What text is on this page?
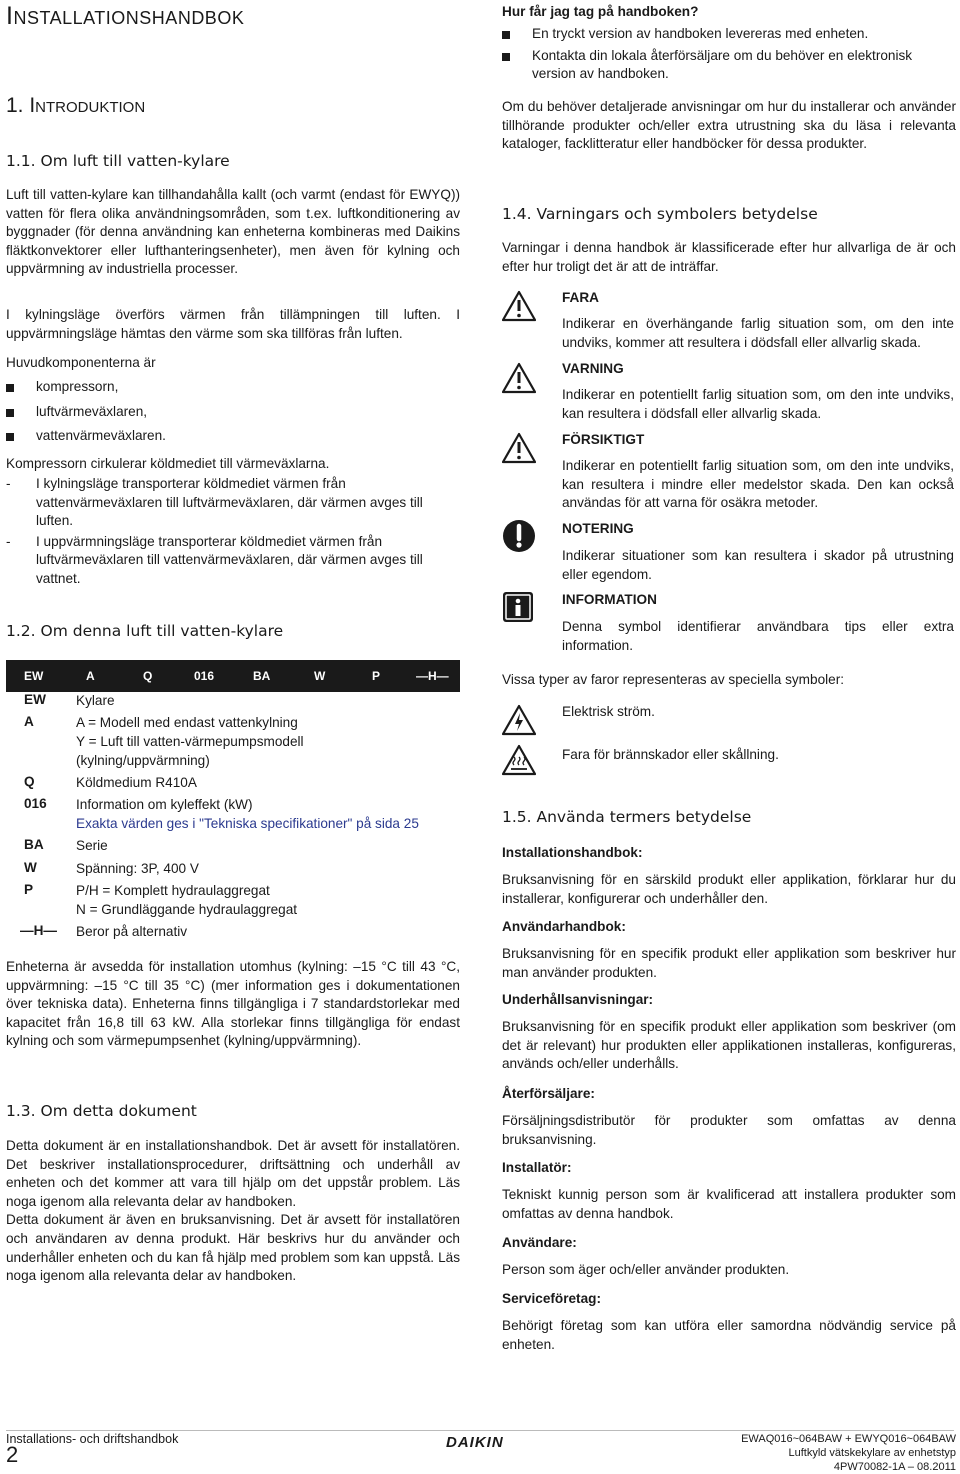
Installationshandbok
1. Introduktion
1.1. Om luft till vatten-kylare

Luft till vatten-kylare kan tillhandahålla kallt (och varmt (endast för EWYQ)) vatten för flera olika användningsområden, som t.ex. luftkonditionering av byggnader (för denna användning kan enheterna kombineras med Daikins fläktkonvektorer eller lufthanteringsenheter), men även för kylning och uppvärmning av industriella processer.

I kylningsläge överförs värmen från tillämpningen till luften. I uppvärmningsläge hämtas den värme som ska tillföras från luften.

Huvudkomponenterna är

kompressorn,
luftvärmeväxlaren,
vattenvärmeväxlaren.

Kompressorn cirkulerar köldmediet till värmeväxlarna.

- I kylningsläge transporterar köldmediet värmen från vattenvärmeväxlaren till luftvärmeväxlaren, där värmen avges till luften.
- I uppvärmningsläge transporterar köldmediet värmen från luftvärmeväxlaren till vattenvärmeväxlaren, där värmen avges till vattnet.
1.2. Om denna luft till vatten-kylare
EW	A	Q	016	BA	W	P	—H—
EW Kylare
A	A = Modell med endast vattenkylning
Y = Luft till vatten-värmepumpsmodell
(kylning/uppvärmning)
Q	Köldmedium R410A
016 Information om kyleffekt (kW)
Exakta värden ges i "Tekniska specifikationer" på sida 25
BA Serie
W	Spänning: 3P, 400 V
P	P/H = Komplett hydraulaggregat
N = Grundläggande hydraulaggregat
—H— Beror på alternativ

Enheterna är avsedda för installation utomhus (kylning: –15 °C till 43 °C, uppvärmning: –15 °C till 35 °C) (mer information ges i dokumentationen över tekniska data). Enheterna finns tillgängliga i 7 standardstorlekar med kapacitet från 16,8 till 63 kW. Alla storlekar finns tillgängliga för endast kylning och som värmepumpsenhet (kylning/uppvärmning).

1.3. Om detta dokument

Detta dokument är en installationshandbok. Det är avsett för installatören. Det beskriver installationsprocedurer, driftsättning och underhåll av enheten och det kommer att vara till hjälp om det uppstår problem. Läs noga igenom alla relevanta delar av handboken.

Detta dokument är även en bruksanvisning. Det är avsett för installatören och användaren av denna produkt. Här beskrivs hur du använder och underhåller enheten och du kan få hjälp med problem som kan uppstå. Läs noga igenom alla relevanta delar av handboken.

Hur får jag tag på handboken?
En tryckt version av handboken levereras med enheten.
Kontakta din lokala återförsäljare om du behöver en elektronisk version av handboken.

Om du behöver detaljerade anvisningar om hur du installerar och använder tillhörande produkter och/eller extra utrustning ska du läsa i relevanta kataloger, facklitteratur eller handböcker för dessa produkter.

1.4. Varningars och symbolers betydelse

Varningar i denna handbok är klassificerade efter hur allvarliga de är och efter hur troligt det är att de inträffar.

FARA

Indikerar en överhängande farlig situation som, om den inte undviks, kommer att resultera i dödsfall eller allvarlig skada.

VARNING

Indikerar en potentiellt farlig situation som, om den inte undviks, kan resultera i dödsfall eller allvarlig skada.

FÖRSIKTIGT

Indikerar en potentiellt farlig situation som, om den inte undviks, kan resultera i mindre eller medelstor skada. Den kan också användas för att varna för osäkra metoder.

NOTERING

Indikerar situationer som kan resultera i skador på utrustning eller egendom.

INFORMATION

Denna symbol identifierar användbara tips eller extra information.

Vissa typer av faror representeras av speciella symboler:

Elektrisk ström.

Fara för brännskador eller skållning.

1.5. Använda termers betydelse
Installationshandbok:

Bruksanvisning för en särskild produkt eller applikation, förklarar hur du installerar, konfigurerar och underhåller den.

Användarhandbok:

Bruksanvisning för en specifik produkt eller applikation som beskriver hur man använder produkten.

Underhållsanvisningar:

Bruksanvisning för en specifik produkt eller applikation som beskriver (om det är relevant) hur produkten eller applikationen installeras, konfigureras, används och/eller underhålls.

Återförsäljare:

Försäljningsdistributör för produkter som omfattas av denna bruksanvisning.

Installatör:

Tekniskt kunnig person som är kvalificerad att installera produkter som omfattas av denna handbok.

Användare:

Person som äger och/eller använder produkten.

Serviceföretag:

Behörigt företag som kan utföra eller samordna nödvändig service på enheten.

Installations- och driftshandbok
2	DAIKIN	EWAQ016~064BAW + EWYQ016~064BAW
Luftkyld vätskekylare av enhetstyp
4PW70082-1A – 08.2011
